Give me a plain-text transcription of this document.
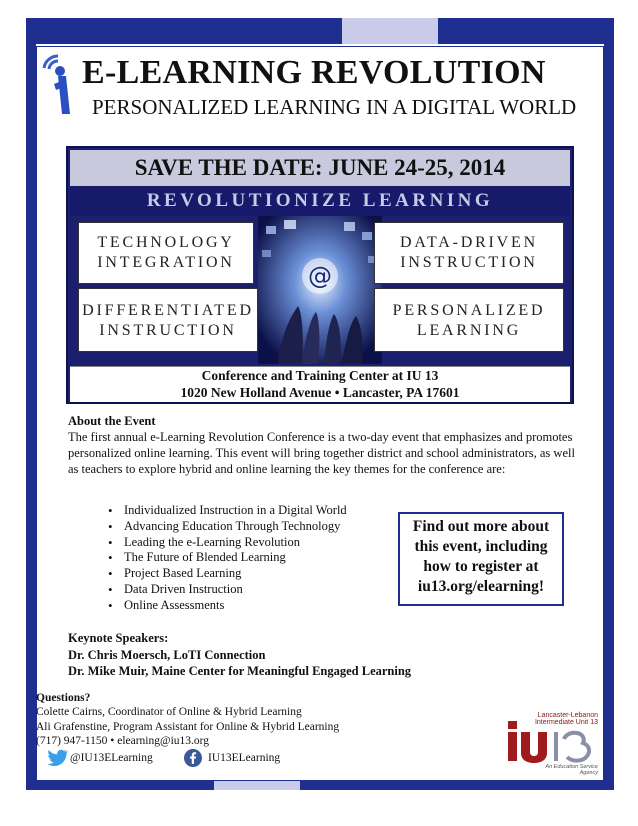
E-LEARNING REVOLUTION
PERSONALIZED LEARNING IN A DIGITAL WORLD
SAVE THE DATE: JUNE 24-25, 2014
REVOLUTIONIZE LEARNING
@
TECHNOLOGY
INTEGRATION
DATA-DRIVEN
INSTRUCTION
DIFFERENTIATED
INSTRUCTION
PERSONALIZED
LEARNING
Conference and Training Center at IU 13
1020 New Holland Avenue • Lancaster, PA 17601
About the Event
The first annual e-Learning Revolution Conference is a two-day event that emphasizes and promotes personalized online learning. This event will bring together district and school administrators, as well as teachers to explore hybrid and online learning the key themes for the conference are:
• Individualized Instruction in a Digital World
• Advancing Education Through Technology
• Leading the e-Learning Revolution
• The Future of Blended Learning
• Project Based Learning
• Data Driven Instruction
• Online Assessments
Find out more about
this event, including
how to register at
iu13.org/elearning!
Keynote Speakers:
Dr. Chris Moersch, LoTI Connection
Dr. Mike Muir, Maine Center for Meaningful Engaged Learning
Questions?
Colette Cairns, Coordinator of Online & Hybrid Learning
Ali Grafenstine, Program Assistant for Online & Hybrid Learning
(717) 947-1150 • elearning@iu13.org
@IU13ELearning	IU13ELearning
Lancaster-Lebanon
Intermediate Unit 13
An Education Service Agency
